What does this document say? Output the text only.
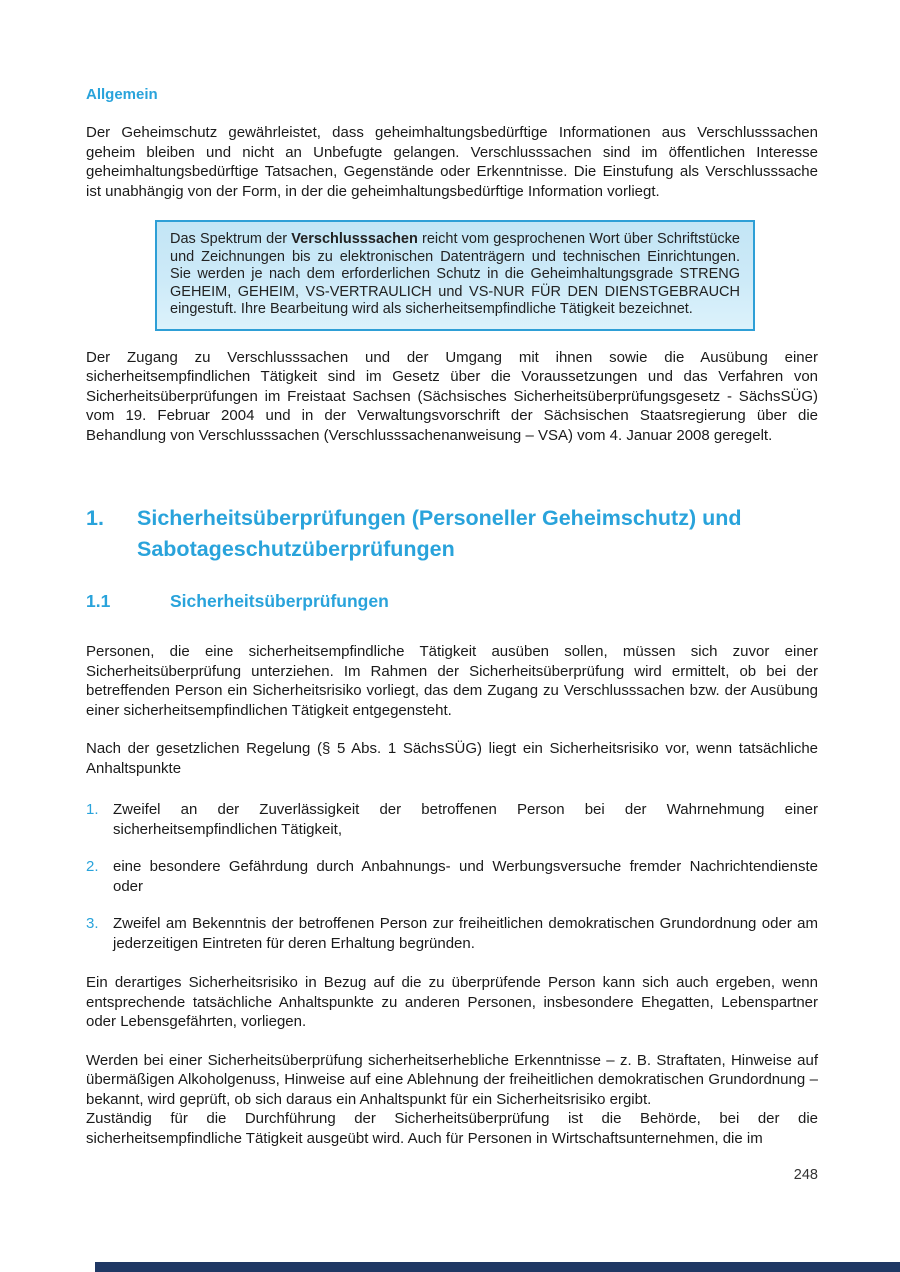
Allgemein

Der Geheimschutz gewährleistet, dass geheimhaltungsbedürftige Informationen aus Verschlusssachen geheim bleiben und nicht an Unbefugte gelangen. Verschlusssachen sind im öffentlichen Interesse geheimhaltungsbedürftige Tatsachen, Gegenstände oder Erkenntnisse. Die Einstufung als Verschlusssache ist unabhängig von der Form, in der die geheimhaltungsbedürftige Information vorliegt.

Das Spektrum der Verschlusssachen reicht vom gesprochenen Wort über Schriftstücke und Zeichnungen bis zu elektronischen Datenträgern und technischen Einrichtungen. Sie werden je nach dem erforderlichen Schutz in die Geheimhaltungsgrade STRENG GEHEIM, GEHEIM, VS-VERTRAULICH und VS-NUR FÜR DEN DIENSTGEBRAUCH eingestuft. Ihre Bearbeitung wird als sicherheitsempfindliche Tätigkeit bezeichnet.

Der Zugang zu Verschlusssachen und der Umgang mit ihnen sowie die Ausübung einer sicherheitsempfindlichen Tätigkeit sind im Gesetz über die Voraussetzungen und das Verfahren von Sicherheitsüberprüfungen im Freistaat Sachsen (Sächsisches Sicherheitsüberprüfungsgesetz - SächsSÜG) vom 19. Februar 2004 und in der Verwaltungsvorschrift der Sächsischen Staatsregierung über die Behandlung von Verschlusssachen (Verschlusssachenanweisung – VSA) vom 4. Januar 2008 geregelt.

1.	Sicherheitsüberprüfungen (Personeller Geheimschutz) und Sabotageschutzüberprüfungen
1.1	Sicherheitsüberprüfungen

Personen, die eine sicherheitsempfindliche Tätigkeit ausüben sollen, müssen sich zuvor einer Sicherheitsüberprüfung unterziehen. Im Rahmen der Sicherheitsüberprüfung wird ermittelt, ob bei der betreffenden Person ein Sicherheitsrisiko vorliegt, das dem Zugang zu Verschlusssachen bzw. der Ausübung einer sicherheitsempfindlichen Tätigkeit entgegensteht.

Nach der gesetzlichen Regelung (§ 5 Abs. 1 SächsSÜG) liegt ein Sicherheitsrisiko vor, wenn tatsächliche Anhaltspunkte

1. Zweifel an der Zuverlässigkeit der betroffenen Person bei der Wahrnehmung einer sicherheitsempfindlichen Tätigkeit,
2. eine besondere Gefährdung durch Anbahnungs- und Werbungsversuche fremder Nachrichtendienste oder
3. Zweifel am Bekenntnis der betroffenen Person zur freiheitlichen demokratischen Grundordnung oder am jederzeitigen Eintreten für deren Erhaltung begründen.

Ein derartiges Sicherheitsrisiko in Bezug auf die zu überprüfende Person kann sich auch ergeben, wenn entsprechende tatsächliche Anhaltspunkte zu anderen Personen, insbesondere Ehegatten, Lebenspartner oder Lebensgefährten, vorliegen.

Werden bei einer Sicherheitsüberprüfung sicherheitserhebliche Erkenntnisse – z. B. Straftaten, Hinweise auf übermäßigen Alkoholgenuss, Hinweise auf eine Ablehnung der freiheitlichen demokratischen Grundordnung – bekannt, wird geprüft, ob sich daraus ein Anhaltspunkt für ein Sicherheitsrisiko ergibt.

Zuständig für die Durchführung der Sicherheitsüberprüfung ist die Behörde, bei der die sicherheitsempfindliche Tätigkeit ausgeübt wird. Auch für Personen in Wirtschaftsunternehmen, die im

248
